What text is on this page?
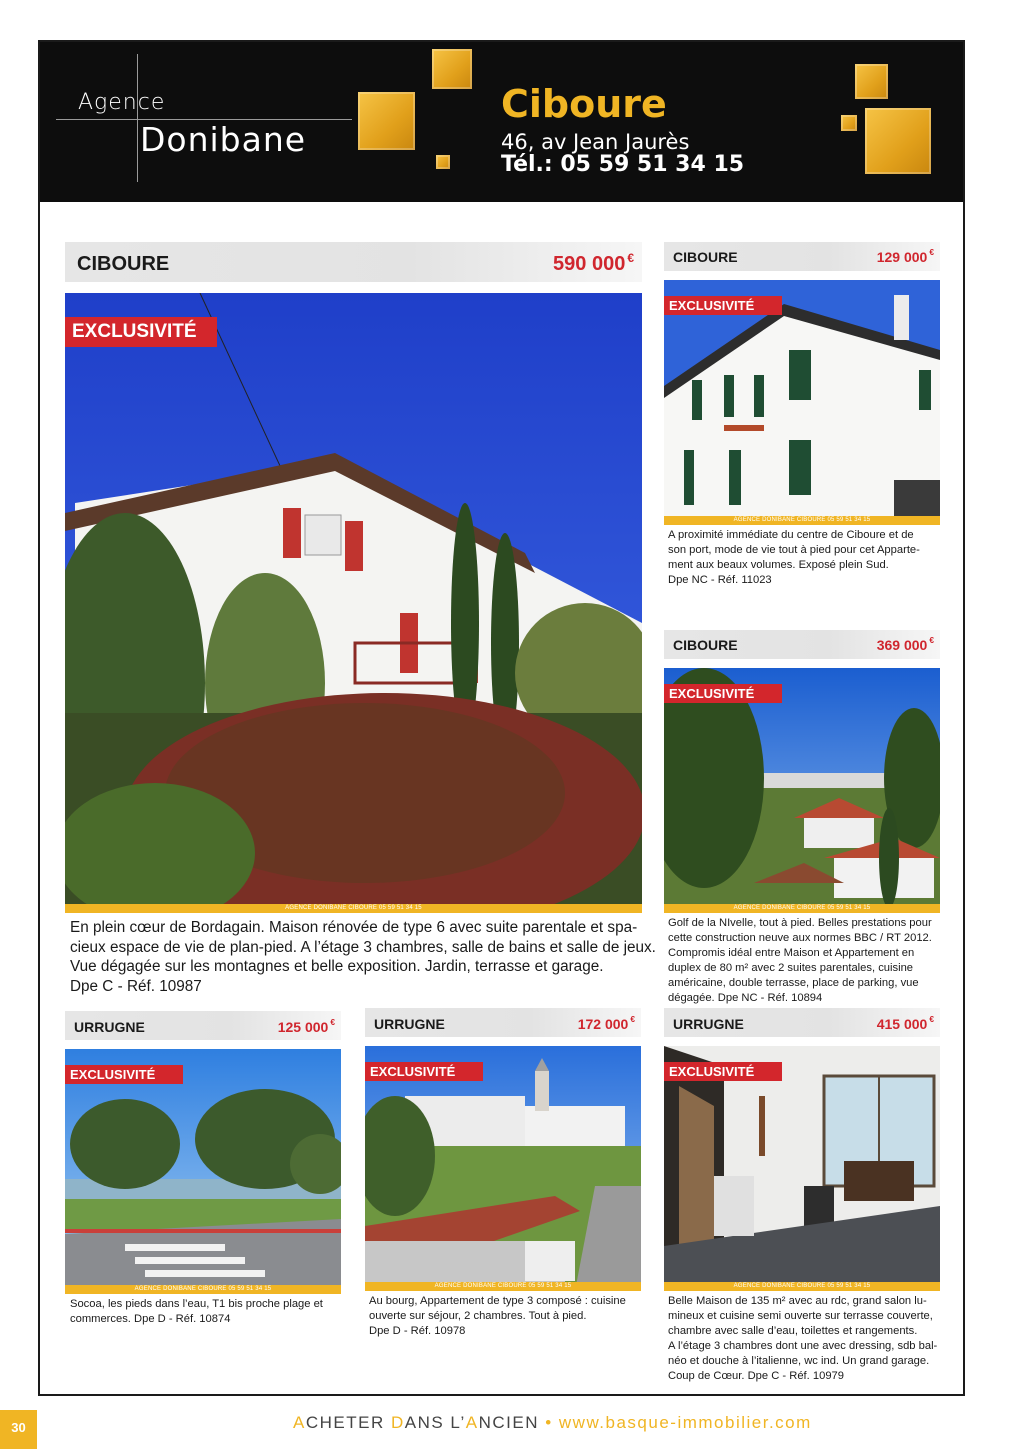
Agence
Donibane
Ciboure
46, av Jean Jaurès
Tél.: 05 59 51 34 15
CIBOURE	590 000 €
EXCLUSIVITÉ
AGENCE DONIBANE CIBOURE 05 59 51 34 15

En plein cœur de Bordagain. Maison rénovée de type 6 avec suite parentale et spa-

cieux espace de vie de plan-pied. A l’étage 3 chambres, salle de bains et salle de jeux.

Vue dégagée sur les montagnes et belle exposition. Jardin, terrasse et garage.

Dpe C - Réf. 10987

CIBOURE	129 000 €
EXCLUSIVITÉ
AGENCE DONIBANE CIBOURE 05 59 51 34 15

A proximité immédiate du centre de Ciboure et de

son port, mode de vie tout à pied pour cet Apparte-

ment aux beaux volumes. Exposé plein Sud.

Dpe NC - Réf. 11023

CIBOURE	369 000 €
EXCLUSIVITÉ
AGENCE DONIBANE CIBOURE 05 59 51 34 15

Golf de la NIvelle, tout à pied. Belles prestations pour

cette construction neuve aux normes BBC / RT 2012.

Compromis idéal entre Maison et Appartement en

duplex de 80 m² avec 2 suites parentales, cuisine

américaine, double terrasse, place de parking, vue

dégagée. Dpe NC - Réf. 10894

URRUGNE	125 000 €
EXCLUSIVITÉ
AGENCE DONIBANE CIBOURE 05 59 51 34 15

Socoa, les pieds dans l’eau, T1 bis proche plage et

commerces. Dpe D - Réf. 10874

URRUGNE	172 000 €
EXCLUSIVITÉ
AGENCE DONIBANE CIBOURE 05 59 51 34 15

Au bourg, Appartement de type 3 composé : cuisine

ouverte sur séjour, 2 chambres. Tout à pied.

Dpe D - Réf. 10978

URRUGNE	415 000 €
EXCLUSIVITÉ
AGENCE DONIBANE CIBOURE 05 59 51 34 15

Belle Maison de 135 m² avec au rdc, grand salon lu-

mineux et cuisine semi ouverte sur terrasse couverte,

chambre avec salle d’eau, toilettes et rangements.

A l’étage 3 chambres dont une avec dressing, sdb bal-

néo et douche à l’italienne, wc ind. Un grand garage.

Coup de Cœur. Dpe C - Réf. 10979

30	ACHETER DANS L’ANCIEN • www.basque-immobilier.com
